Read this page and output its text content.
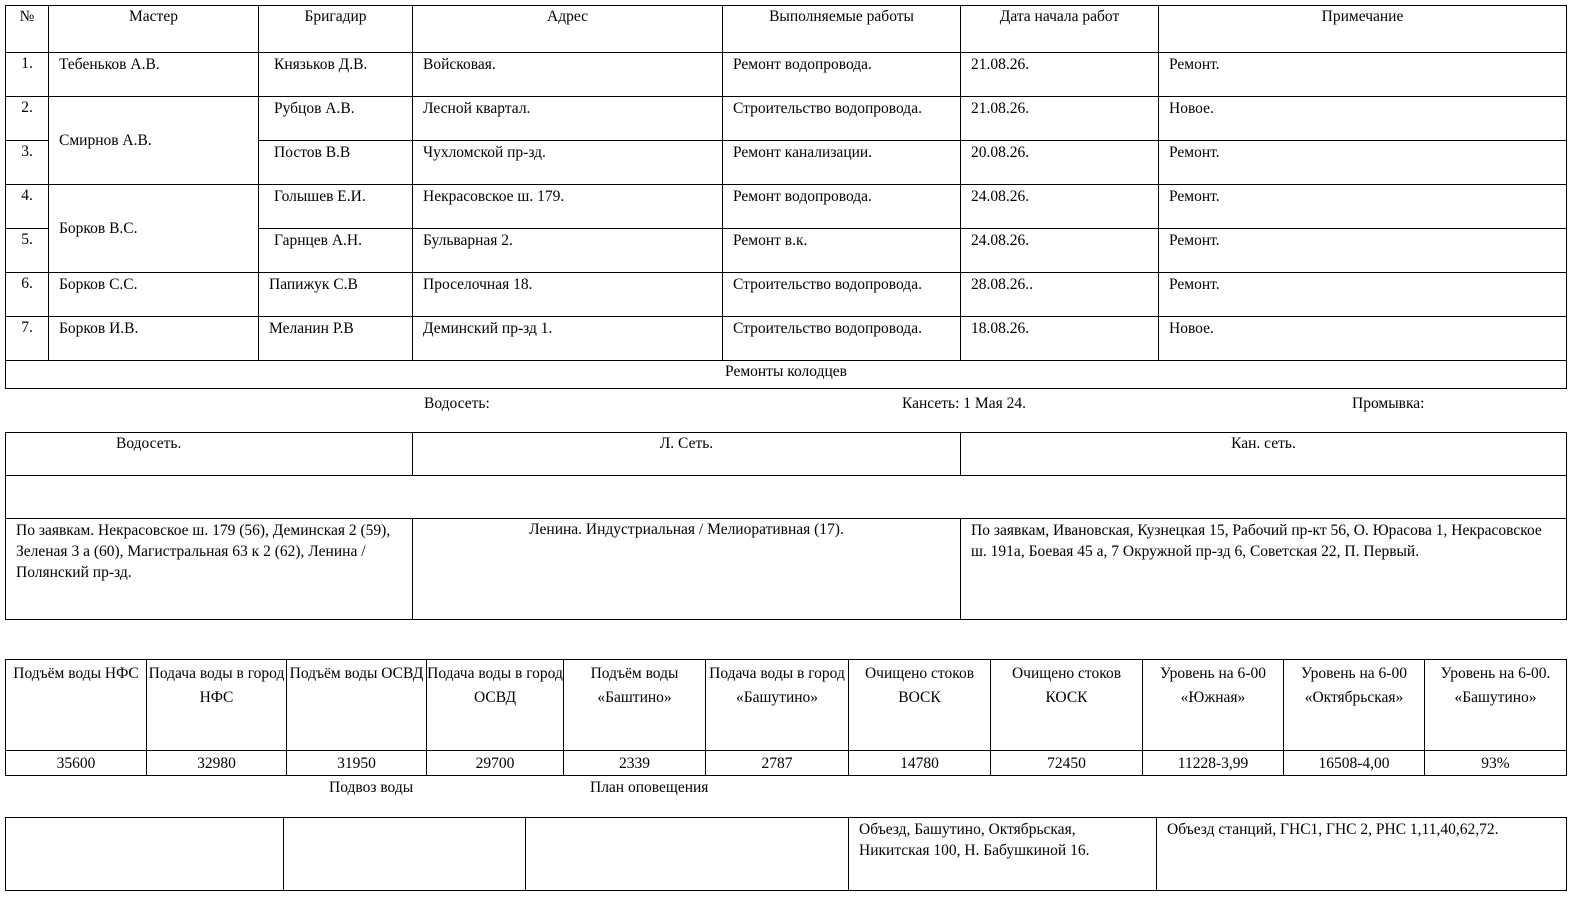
№	Мастер	Бригадир	Адрес	Выполняемые работы	Дата начала работ	Примечание
1.	Тебеньков А.В.	Князьков Д.В.	Войсковая.	Ремонт водопровода.	21.08.26.	Ремонт.
2.	Смирнов А.В.	Рубцов А.В.	Лесной квартал.	Строительство водопровода.	21.08.26.	Новое.
3.		Постов В.В	Чухломской пр-зд.	Ремонт канализации.	20.08.26.	Ремонт.
4.	Борков В.С.	Голышев Е.И.	Некрасовское ш. 179.	Ремонт водопровода.	24.08.26.	Ремонт.
5.		Гарнцев А.Н.	Бульварная 2.	Ремонт в.к.	24.08.26.	Ремонт.
6.	Борков С.С.	Папижук С.В	Проселочная 18.	Строительство водопровода.	28.08.26..	Ремонт.
7.	Борков И.В.	Меланин Р.В	Деминский пр-зд 1.	Строительство водопровода.	18.08.26.	Новое.
Ремонты колодцев						
Водосеть:	Кансеть: 1 Мая 24.	Промывка:
Водосеть.	Л. Сеть.	Кан. сеть.

По заявкам. Некрасовское ш. 179 (56), Деминская 2 (59), Зеленая 3 а (60), Магистральная 63 к 2 (62), Ленина / Полянский пр-зд.	Ленина. Индустриальная / Мелиоративная (17).	По заявкам, Ивановская, Кузнецкая 15, Рабочий пр-кт 56, О. Юрасова 1, Некрасовское ш. 191а, Боевая 45 а, 7 Окружной пр-зд 6, Советская 22, П. Первый.
Подъём воды НФС	Подача воды в город НФС	Подъём воды ОСВД	Подача воды в город ОСВД	Подъём воды «Баштино»	Подача воды в город «Башутино»	Очищено стоков ВОСК	Очищено стоков КОСК	Уровень на 6-00 «Южная»	Уровень на 6-00 «Октябрьская»	Уровень на 6-00. «Башутино»
35600	32980	31950	29700	2339	2787	14780	72450	11228-3,99	16508-4,00	93%
Подвоз воды	План оповещения
			Объезд, Башутино, Октябрьская, Никитская 100, Н. Бабушкиной 16.	Объезд станций, ГНС1, ГНС 2, РНС 1,11,40,62,72.
